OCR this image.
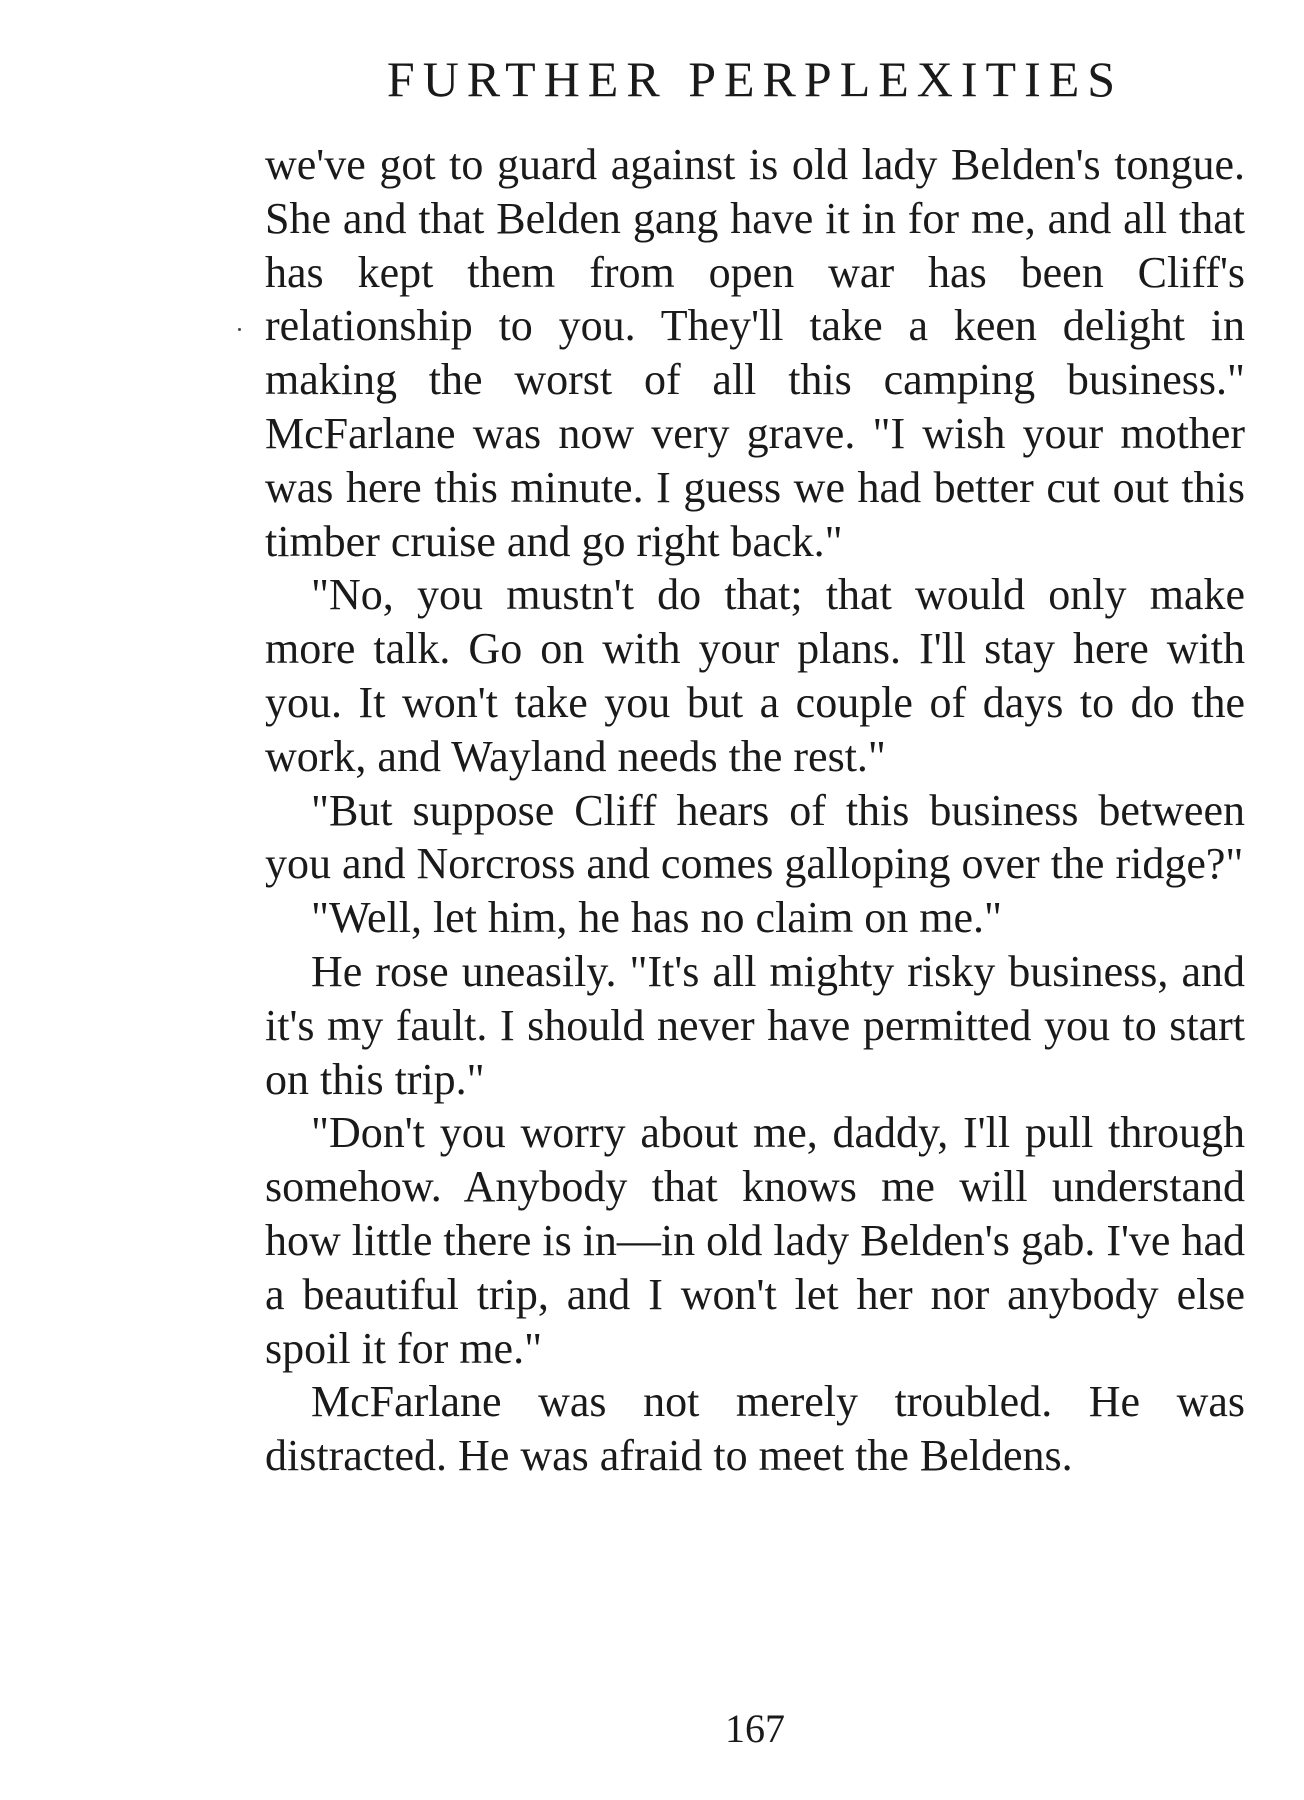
FURTHER PERPLEXITIES

we've got to guard against is old lady Belden's tongue. She and that Belden gang have it in for me, and all that has kept them from open war has been Cliff's relationship to you. They'll take a keen delight in making the worst of all this camping business." McFarlane was now very grave. "I wish your mother was here this minute. I guess we had better cut out this timber cruise and go right back."

"No, you mustn't do that; that would only make more talk. Go on with your plans. I'll stay here with you. It won't take you but a couple of days to do the work, and Wayland needs the rest."

"But suppose Cliff hears of this business between you and Norcross and comes galloping over the ridge?"

"Well, let him, he has no claim on me."

He rose uneasily. "It's all mighty risky business, and it's my fault. I should never have permitted you to start on this trip."

"Don't you worry about me, daddy, I'll pull through somehow. Anybody that knows me will understand how little there is in—in old lady Belden's gab. I've had a beautiful trip, and I won't let her nor anybody else spoil it for me."

McFarlane was not merely troubled. He was distracted. He was afraid to meet the Beldens.

167
